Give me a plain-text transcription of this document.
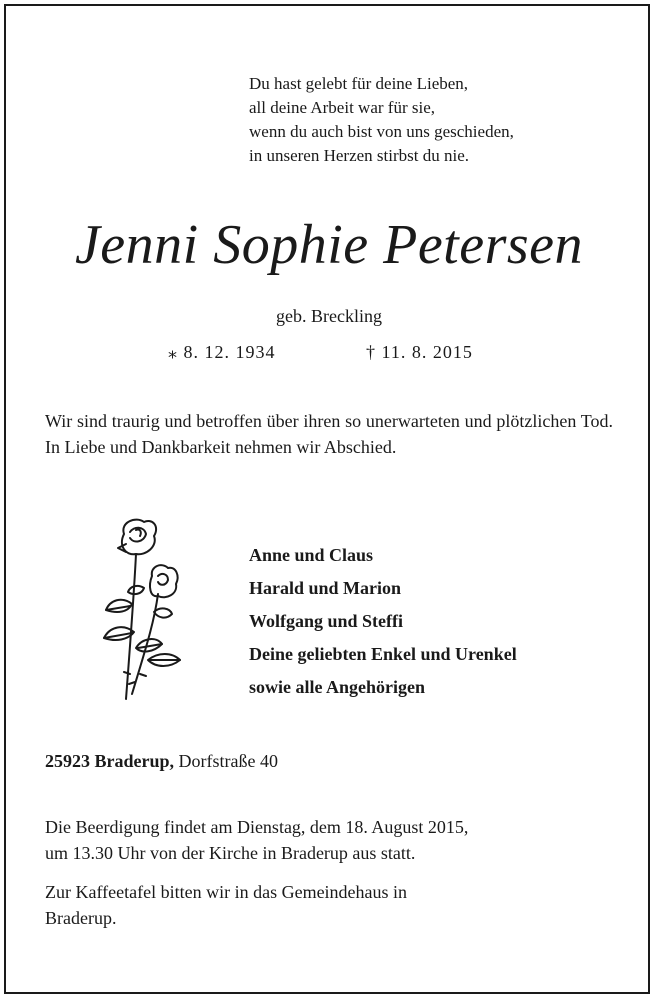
Du hast gelebt für deine Lieben,
all deine Arbeit war für sie,
wenn du auch bist von uns geschieden,
in unseren Herzen stirbst du nie.
Jenni Sophie Petersen
geb. Breckling
⁎ 8. 12. 1934	† 11. 8. 2015
Wir sind traurig und betroffen über ihren so unerwarteten und plötzlichen Tod. In Liebe und Dankbarkeit nehmen wir Abschied.
Anne und Claus
Harald und Marion
Wolfgang und Steffi
Deine geliebten Enkel und Urenkel
sowie alle Angehörigen
25923 Braderup, Dorfstraße 40
Die Beerdigung findet am Dienstag, dem 18. August 2015,
um 13.30 Uhr von der Kirche in Braderup aus statt.
Zur Kaffeetafel bitten wir in das Gemeindehaus in
Braderup.
